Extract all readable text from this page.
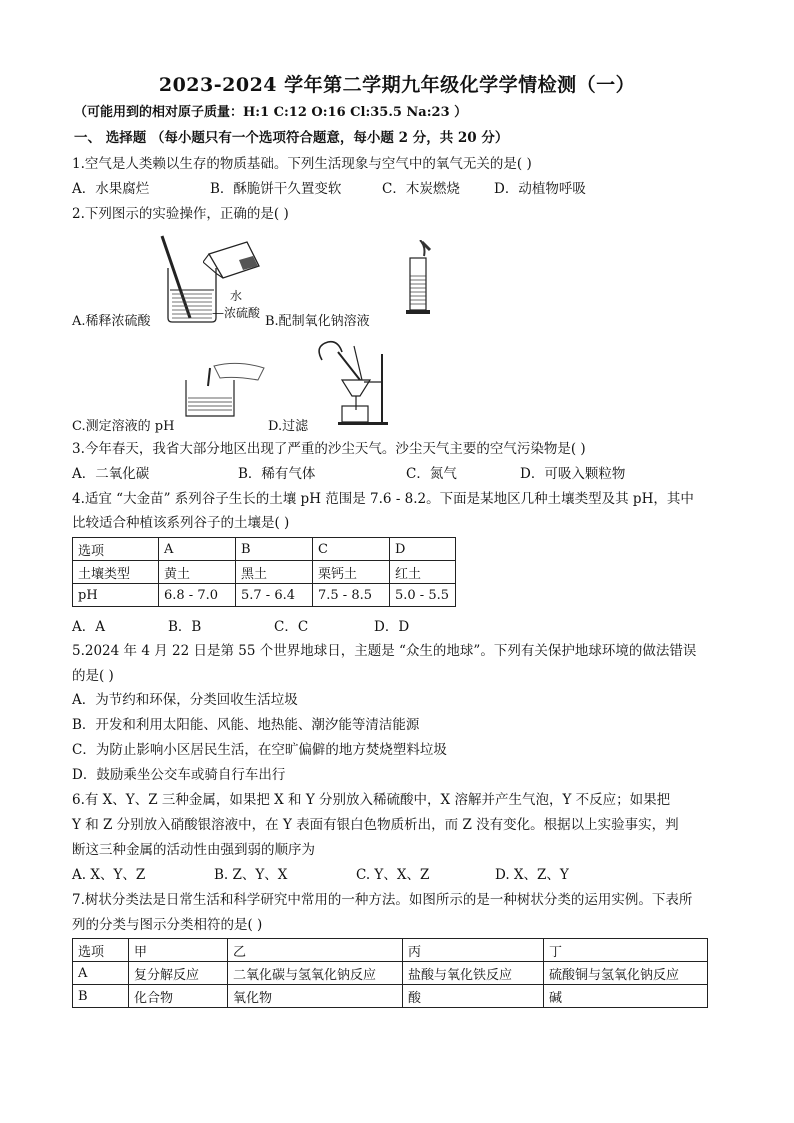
2023-2024 学年第二学期九年级化学学情检测（一）
（可能用到的相对原子质量：H:1 C:12 O:16 Cl:35.5 Na:23 ）
一、 选择题 （每小题只有一个选项符合题意，每小题 2 分，共 20 分）
1.空气是人类赖以生存的物质基础。下列生活现象与空气中的氧气无关的是( )
A．水果腐烂	B．酥脆饼干久置变软	C．木炭燃烧	D．动植物呼吸
2.下列图示的实验操作，正确的是( )
水
—浓硫酸
A.稀释浓硫酸	B.配制氧化钠溶液
C.测定溶液的 pH	D.过滤
3.今年春天，我省大部分地区出现了严重的沙尘天气。沙尘天气主要的空气污染物是( )
A．二氧化碳	B．稀有气体	C．氮气	D．可吸入颗粒物
4.适宜 “大金苗” 系列谷子生长的土壤 pH 范围是 7.6 - 8.2。下面是某地区几种土壤类型及其 pH，其中
比较适合种植该系列谷子的土壤是( )
选项	A	B	C	D
土壤类型	黄土	黑土	栗钙土	红土
pH	6.8 - 7.0	5.7 - 6.4	7.5 - 8.5	5.0 - 5.5
A．A	B．B	C．C	D．D
5.2024 年 4 月 22 日是第 55 个世界地球日，主题是 “众生的地球”。下列有关保护地球环境的做法错误
的是( )
A．为节约和环保，分类回收生活垃圾
B．开发和利用太阳能、风能、地热能、潮汐能等清洁能源
C．为防止影响小区居民生活，在空旷偏僻的地方焚烧塑料垃圾
D．鼓励乘坐公交车或骑自行车出行
6.有 X、Y、Z 三种金属，如果把 X 和 Y 分别放入稀硫酸中，X 溶解并产生气泡，Y 不反应；如果把
Y 和 Z 分别放入硝酸银溶液中，在 Y 表面有银白色物质析出，而 Z 没有变化。根据以上实验事实，判
断这三种金属的活动性由强到弱的顺序为
A. X、Y、Z	B. Z、Y、X	C. Y、X、Z	D. X、Z、Y
7.树状分类法是日常生活和科学研究中常用的一种方法。如图所示的是一种树状分类的运用实例。下表所
列的分类与图示分类相符的是( )
选项	甲	乙	丙	丁
A	复分解反应	二氧化碳与氢氧化钠反应	盐酸与氧化铁反应	硫酸铜与氢氧化钠反应
B	化合物	氧化物	酸	碱
